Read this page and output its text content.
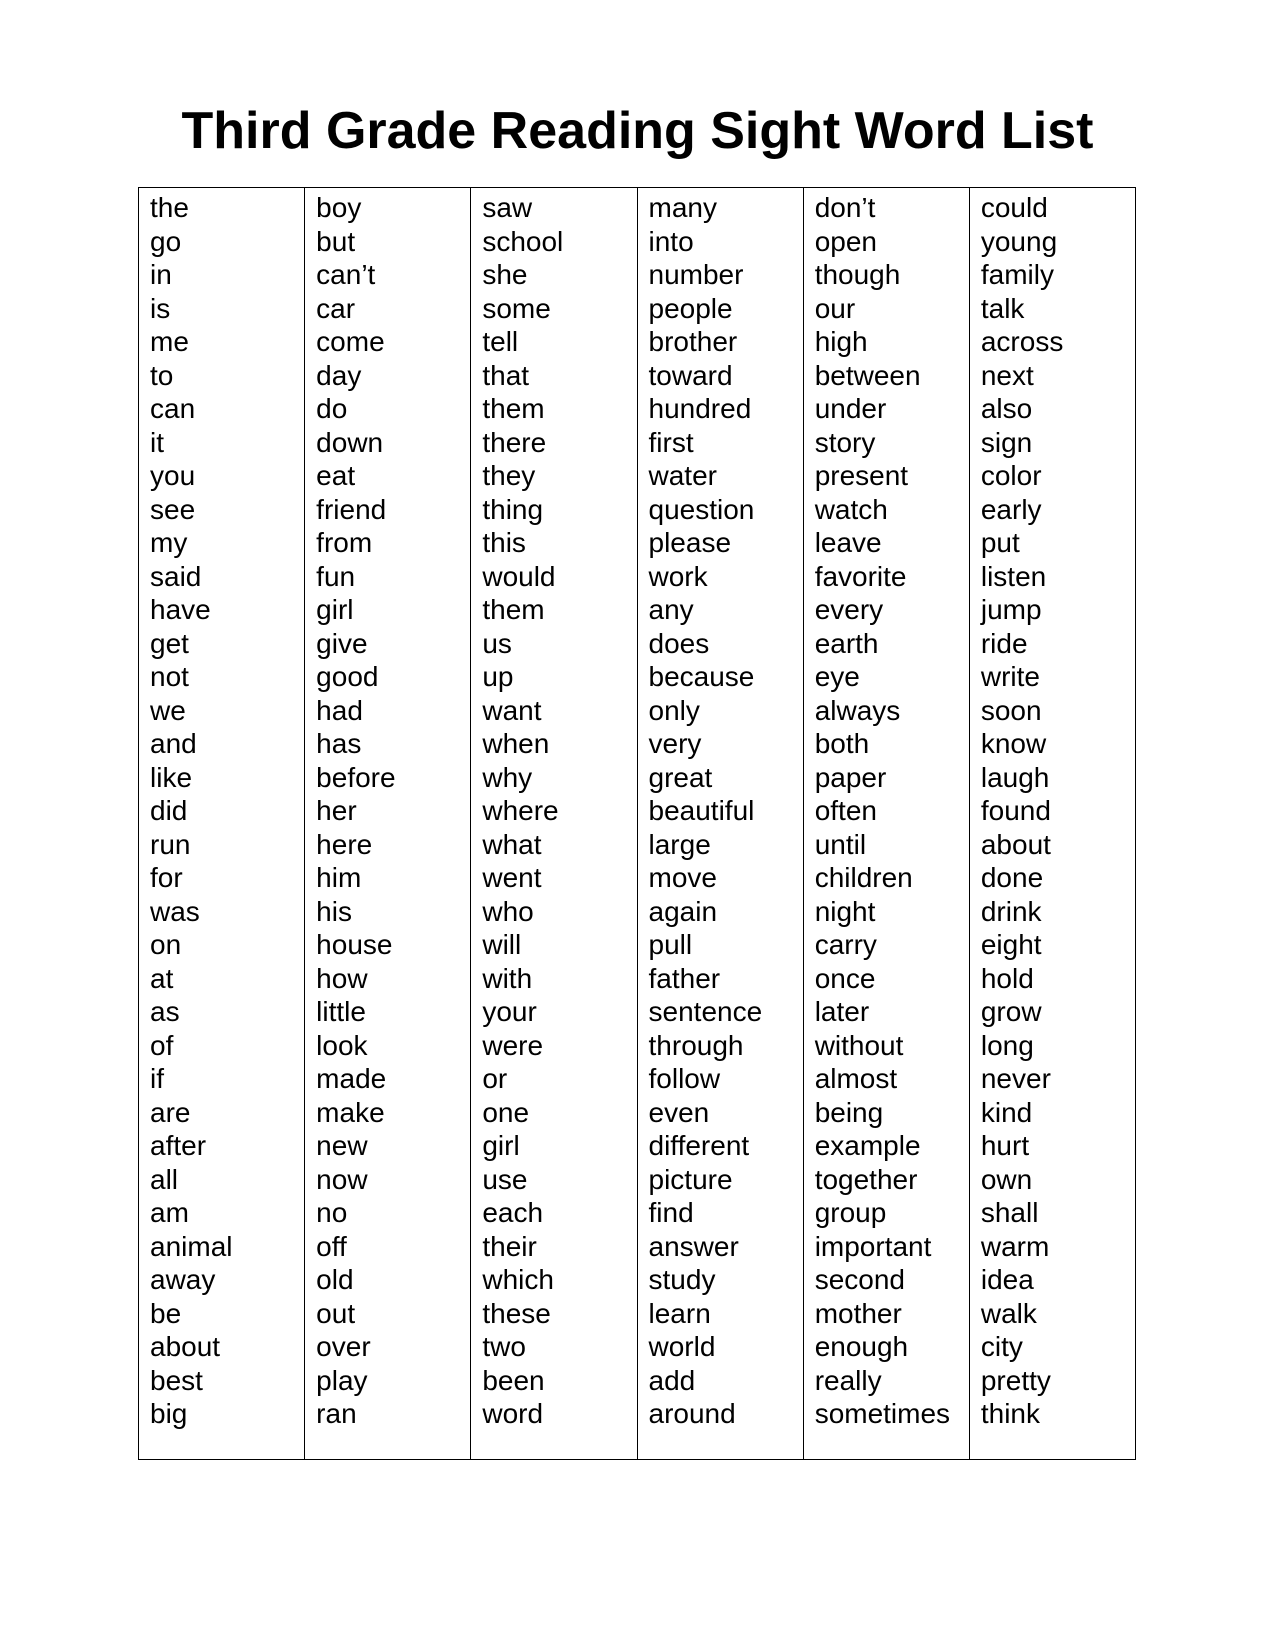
Third Grade Reading Sight Word List
the
go
in
is
me
to
can
it
you
see
my
said
have
get
not
we
and
like
did
run
for
was
on
at
as
of
if
are
after
all
am
animal
away
be
about
best
big
boy
but
can’t
car
come
day
do
down
eat
friend
from
fun
girl
give
good
had
has
before
her
here
him
his
house
how
little
look
made
make
new
now
no
off
old
out
over
play
ran
saw
school
she
some
tell
that
them
there
they
thing
this
would
them
us
up
want
when
why
where
what
went
who
will
with
your
were
or
one
girl
use
each
their
which
these
two
been
word
many
into
number
people
brother
toward
hundred
first
water
question
please
work
any
does
because
only
very
great
beautiful
large
move
again
pull
father
sentence
through
follow
even
different
picture
find
answer
study
learn
world
add
around
don’t
open
though
our
high
between
under
story
present
watch
leave
favorite
every
earth
eye
always
both
paper
often
until
children
night
carry
once
later
without
almost
being
example
together
group
important
second
mother
enough
really
sometimes
could
young
family
talk
across
next
also
sign
color
early
put
listen
jump
ride
write
soon
know
laugh
found
about
done
drink
eight
hold
grow
long
never
kind
hurt
own
shall
warm
idea
walk
city
pretty
think
